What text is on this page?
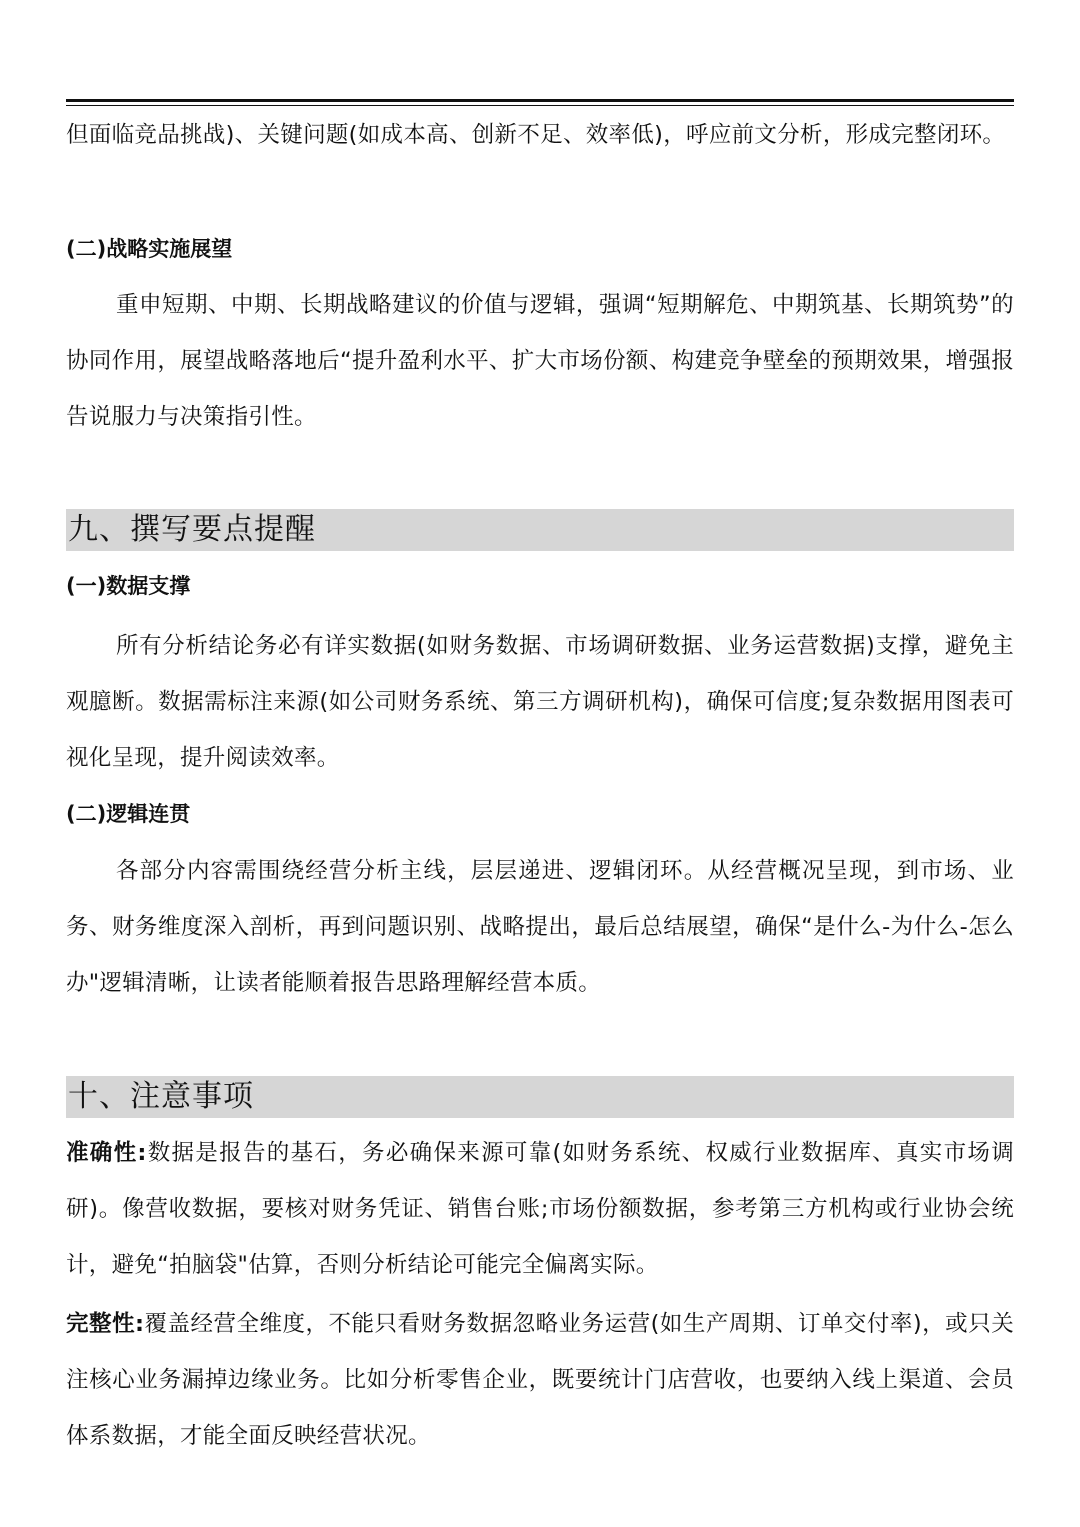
但面临竞品挑战)、关键问题(如成本高、创新不足、效率低)，呼应前文分析，形成完整闭环。

(二)战略实施展望

重申短期、中期、长期战略建议的价值与逻辑，强调“短期解危、中期筑基、长期筑势”的协同作用，展望战略落地后“提升盈利水平、扩大市场份额、构建竞争壁垒的预期效果，增强报告说服力与决策指引性。

九、撰写要点提醒

(一)数据支撑

所有分析结论务必有详实数据(如财务数据、市场调研数据、业务运营数据)支撑，避免主观臆断。数据需标注来源(如公司财务系统、第三方调研机构)，确保可信度;复杂数据用图表可视化呈现，提升阅读效率。

(二)逻辑连贯

各部分内容需围绕经营分析主线，层层递进、逻辑闭环。从经营概况呈现，到市场、业务、财务维度深入剖析，再到问题识别、战略提出，最后总结展望，确保“是什么-为什么-怎么办"逻辑清晰，让读者能顺着报告思路理解经营本质。

十、注意事项

准确性:数据是报告的基石，务必确保来源可靠(如财务系统、权威行业数据库、真实市场调研)。像营收数据，要核对财务凭证、销售台账;市场份额数据，参考第三方机构或行业协会统计，避免“拍脑袋"估算，否则分析结论可能完全偏离实际。

完整性:覆盖经营全维度，不能只看财务数据忽略业务运营(如生产周期、订单交付率)，或只关注核心业务漏掉边缘业务。比如分析零售企业，既要统计门店营收，也要纳入线上渠道、会员体系数据，才能全面反映经营状况。
